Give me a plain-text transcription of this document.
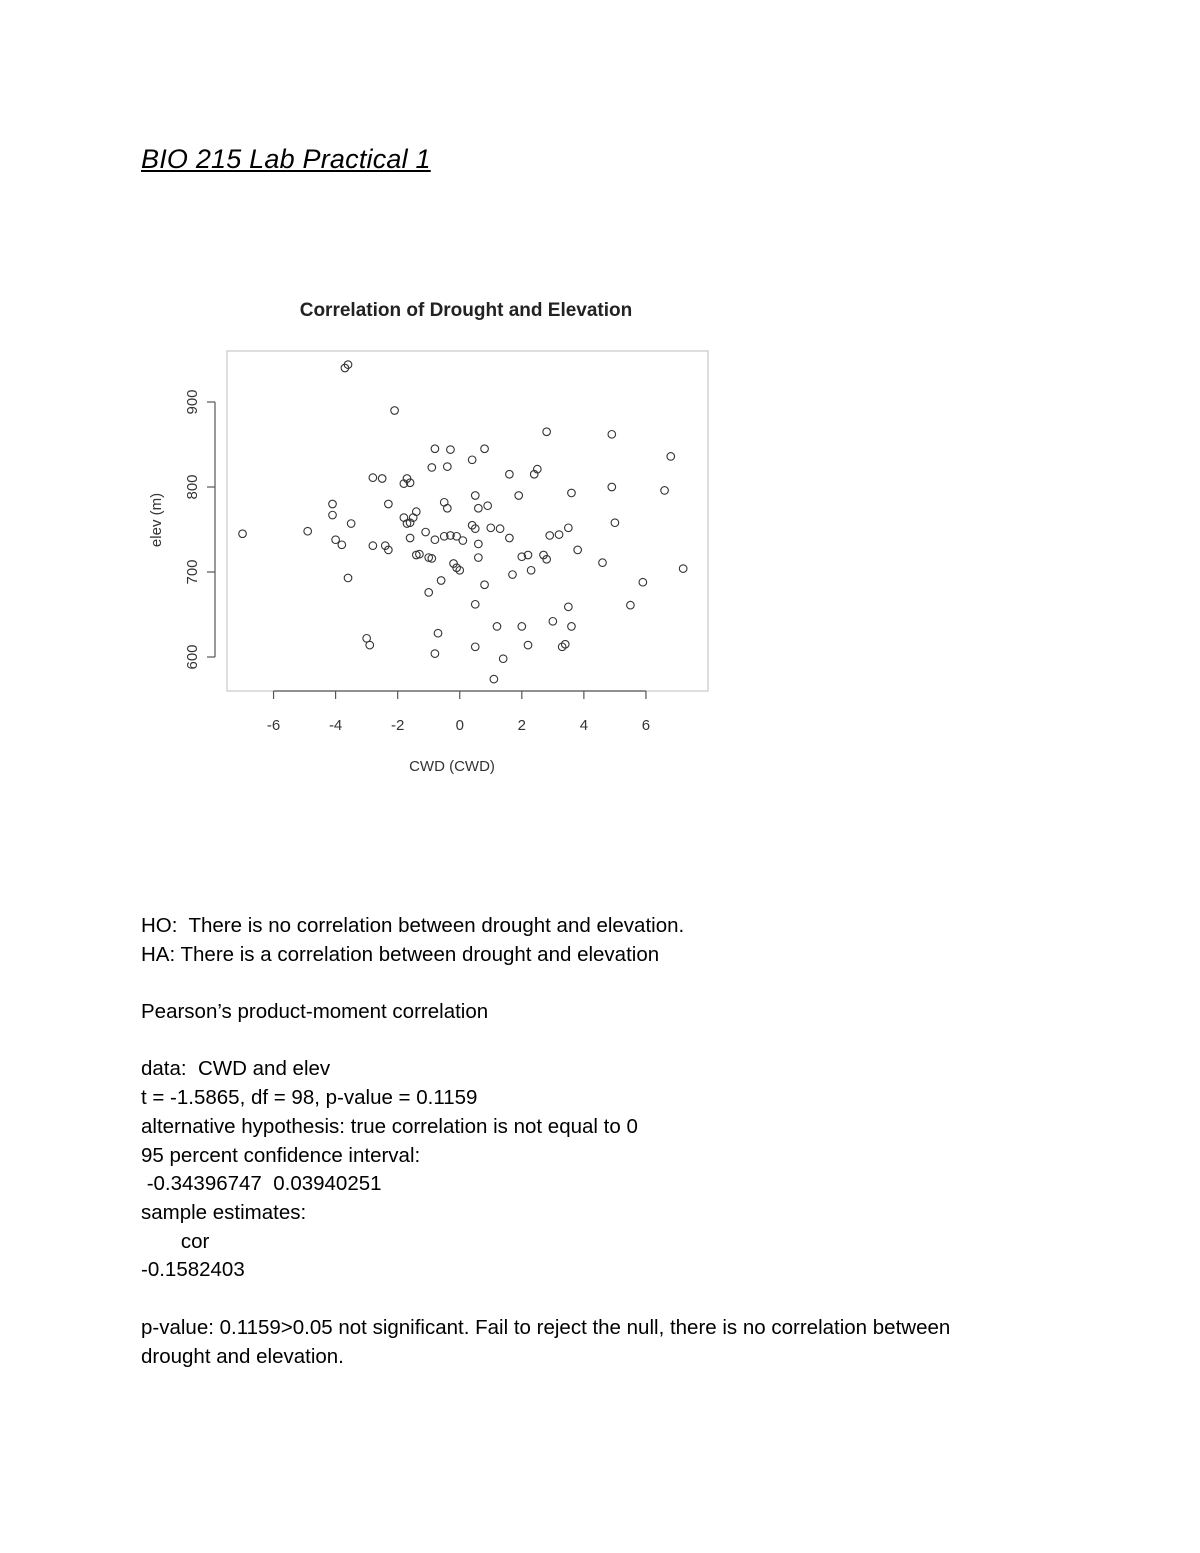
BIO 215 Lab Practical 1
Correlation of Drought and Elevation
-6	-4	-2	0	2	4	6
600
700
800
900
CWD (CWD)
elev (m)
HO:  There is no correlation between drought and elevation.
HA: There is a correlation between drought and elevation
Pearson’s product-moment correlation
data:  CWD and elev
t = -1.5865, df = 98, p-value = 0.1159
alternative hypothesis: true correlation is not equal to 0
95 percent confidence interval:
-0.34396747  0.03940251
sample estimates:
cor
-0.1582403
p-value: 0.1159>0.05 not significant. Fail to reject the null, there is no correlation between
drought and elevation.
